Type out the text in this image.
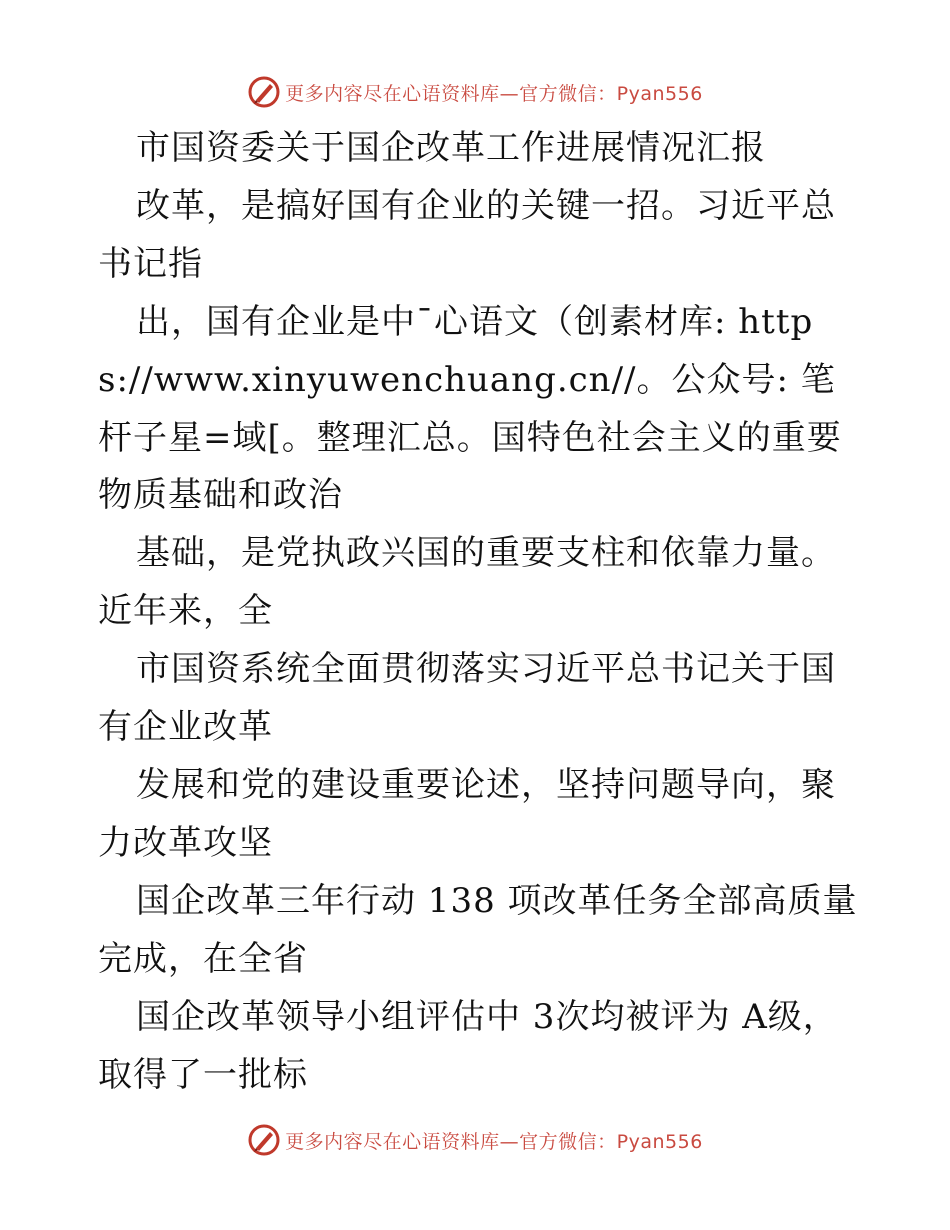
更多内容尽在心语资料库—官方微信：Pyan556

市国资委关于国企改革工作进展情况汇报

改革，是搞好国有企业的关键一招。习近平总书记指

出，国有企业是中¯心语文（创素材库: https://www.xinyuwenchuang.cn//。公众号: 笔杆子星=域[。整理汇总。国特色社会主义的重要物质基础和政治

基础，是党执政兴国的重要支柱和依靠力量。近年来，全

市国资系统全面贯彻落实习近平总书记关于国有企业改革

发展和党的建设重要论述，坚持问题导向，聚力改革攻坚

国企改革三年行动 138 项改革任务全部高质量完成，在全省

国企改革领导小组评估中 3次均被评为 A级，取得了一批标

更多内容尽在心语资料库—官方微信：Pyan556
